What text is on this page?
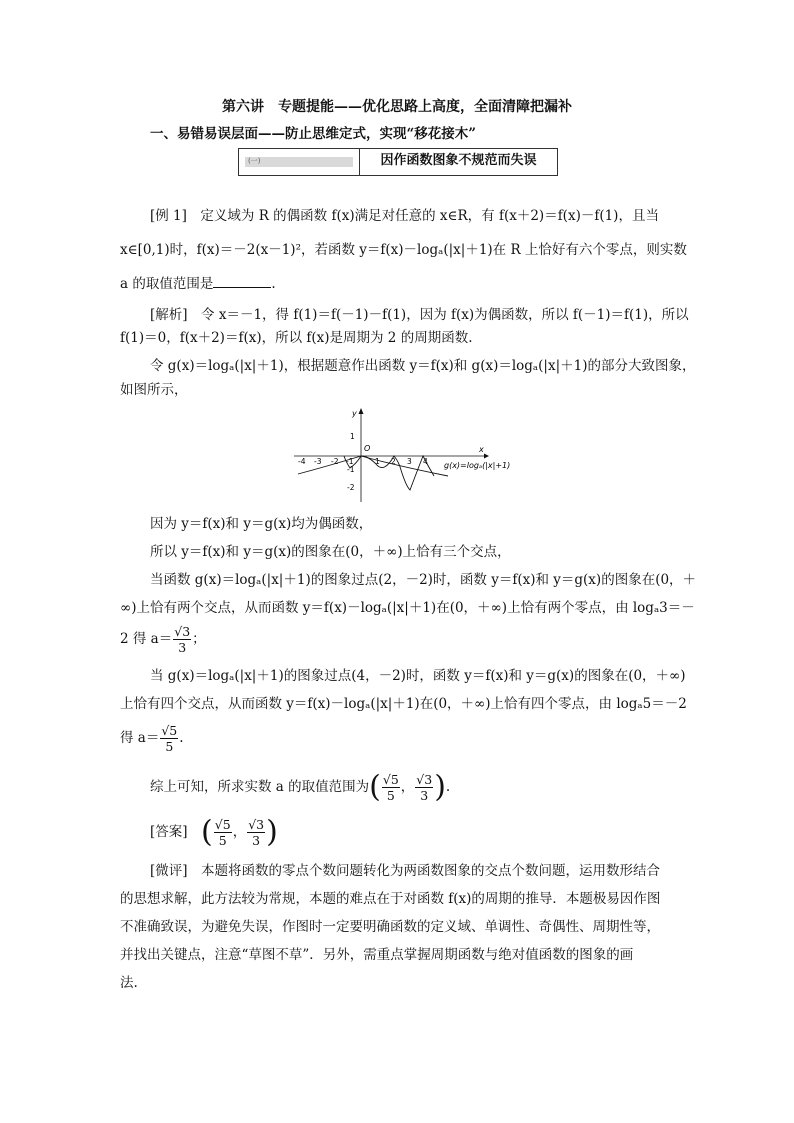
第六讲　专题提能——优化思路上高度，全面清障把漏补
一、易错易误层面——防止思维定式，实现“移花接木”
(一)	因作函数图象不规范而失误
[例 1]　 定义域为 R 的偶函数 f(x)满足对任意的 x∈R，有 f(x＋2)＝f(x)－f(1)，且当
x∈[0,1)时，f(x)＝－2(x－1)²，若函数 y＝f(x)－logₐ(|x|＋1)在 R 上恰好有六个零点，则实数
a 的取值范围是	.
[解析]　 令 x＝－1，得 f(1)＝f(－1)－f(1)，因为 f(x)为偶函数，所以 f(－1)＝f(1)，所以
f(1)＝0，f(x＋2)＝f(x)，所以 f(x)是周期为 2 的周期函数.
令 g(x)＝logₐ(|x|＋1)，根据题意作出函数 y＝f(x)和 g(x)＝logₐ(|x|＋1)的部分大致图象，
如图所示，
y
x
O
1
-1
-2
-4 -3 -2 -1	1 2 3 4 g(x)=logₐ(|x|+1)
因为 y＝f(x)和 y＝g(x)均为偶函数，
所以 y＝f(x)和 y＝g(x)的图象在(0，＋∞)上恰有三个交点，
当函数 g(x)＝logₐ(|x|＋1)的图象过点(2，－2)时，函数 y＝f(x)和 y＝g(x)的图象在(0，＋
∞)上恰有两个交点，从而函数 y＝f(x)－logₐ(|x|＋1)在(0，＋∞)上恰有两个零点，由 logₐ3＝－
2 得 $a= \frac{√3}{3}$ ；
当 g(x)＝logₐ(|x|＋1)的图象过点(4，－2)时，函数 y＝f(x)和 y＝g(x)的图象在(0，＋∞)
上恰有四个交点，从而函数 y＝f(x)－logₐ(|x|＋1)在(0，＋∞)上恰有四个零点，由 logₐ5＝－2
得 $a= \frac{√5}{5}$ .
综上可知，所求实数 a 的取值范围为( $\frac{√5}{5}$ ， $\frac{√3}{3}$ ).
[答案]　 ( $\frac{√5}{5}$ ， $\frac{√3}{3}$ )
[微评]　 本题将函数的零点个数问题转化为两函数图象的交点个数问题，运用数形结合
的思想求解，此方法较为常规，本题的难点在于对函数 f(x)的周期的推导．本题极易因作图
不准确致误，为避免失误，作图时一定要明确函数的定义域、单调性、奇偶性、周期性等，
并找出关键点，注意“草图不草”．另外，需重点掌握周期函数与绝对值函数的图象的画
法.
